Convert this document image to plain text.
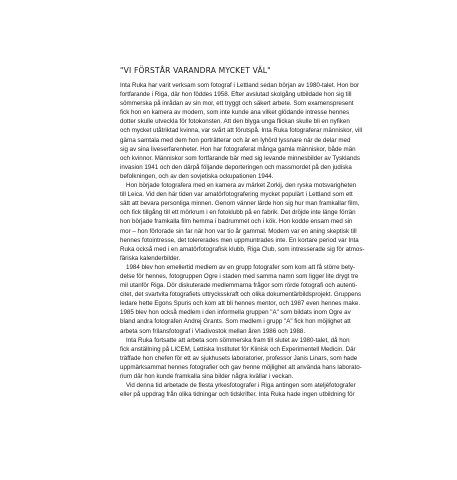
"VI FÖRSTÅR VARANDRA MYCKET VÄL"
Inta Ruka har varit verksam som fotograf i Lettland sedan början av 1980-talet. Hon bor
fortfarande i Riga, där hon föddes 1958. Efter avslutad skolgång utbildade hon sig till
sömmerska på inrådan av sin mor, ett tryggt och säkert arbete. Som examenspresent
fick hon en kamera av modern, som inte kunde ana vilket glödande intresse hennes
dotter skulle utveckla för fotokonsten. Att den blyga unga flickan skulle bli en nyfiken
och mycket utåtriktad kvinna, var svårt att förutspå. Inta Ruka fotograferar människor, vill
gärna samtala med dem hon porträtterar och är en lyhörd lyssnare när de delar med
sig av sina liveserfarenheter. Hon har fotograferat många gamla människor, både män
och kvinnor. Människor som fortfarande bär med sig levande minnesbilder av Tysklands
invasion 1941 och den därpå följande deporteringen och massmordet på den judiska
befolkningen, och av den sovjetiska ockupationen 1944.
Hon började fotografera med en kamera av märket Zorkij, den ryska motsvarigheten
till Leica. Vid den här tiden var amatörfotografering mycket populärt i Lettland som ett
sätt att bevara personliga minnen. Genom vänner lärde hon sig hur man framkallar film,
och fick tillgång till ett mörkrum i en fotoklubb på en fabrik. Det dröjde inte länge förrän
hon började framkalla film hemma i badrummet och i kök. Hon kodde ensam med sin
mor – hon förlorade sin far när hon var tio år gammal. Modern var en aning skeptisk till
hennes fotointresse, det tolererades men uppmuntrades inte. En kortare period var Inta
Ruka också med i en amatörfotografisk klubb, Riga Club, som intresserade sig för atmos-
färiska kalenderbilder.
1984 blev hon emellertid medlem av en grupp fotografer som kom att få större bety-
delse för hennes, fotogruppen Ogre i staden med samma namn som ligger lite drygt tre
mil utanför Riga. Dör diskuterade medlemmarna frågor som rörde fotografi och autenti-
citet, det svartvita fotografiets uttrycksskraft och olika dokumentärbildsprojekt. Gruppens
ledare hette Egons Spuris och kom att bli hennes mentor, och 1987 even hennes make.
1985 blev hon också medlem i den informella gruppen "A" som bildats inom Ogre av
bland andra fotografen Andrej Grants. Som medlem i grupp "A" fick hon möjlighet att
arbeta som frilansfotograf i Vladivostok mellan åren 1986 och 1988.
Inta Ruka fortsatte att arbeta som sömmerska fram till slutet av 1980-talet, då hon
fick anställning på LICEM, Lettiska Institutet för Klinisk och Experimentell Medicin. Där
träffade hon chefen för ett av sjukhusets laboratorier, professor Janis Linars, som hade
uppmärksammat hennes fotografier och gav henne möjlighet att använda hans laborato-
rium där hon kunde framkalla sina bilder några kvällar i veckan.
Vid denna tid arbetade de flesta yrkesfotografer i Riga antingen som ateljéfotografer
eller på uppdrag från olika tidningar och tidskrifter. Inta Ruka hade ingen utbildning för
